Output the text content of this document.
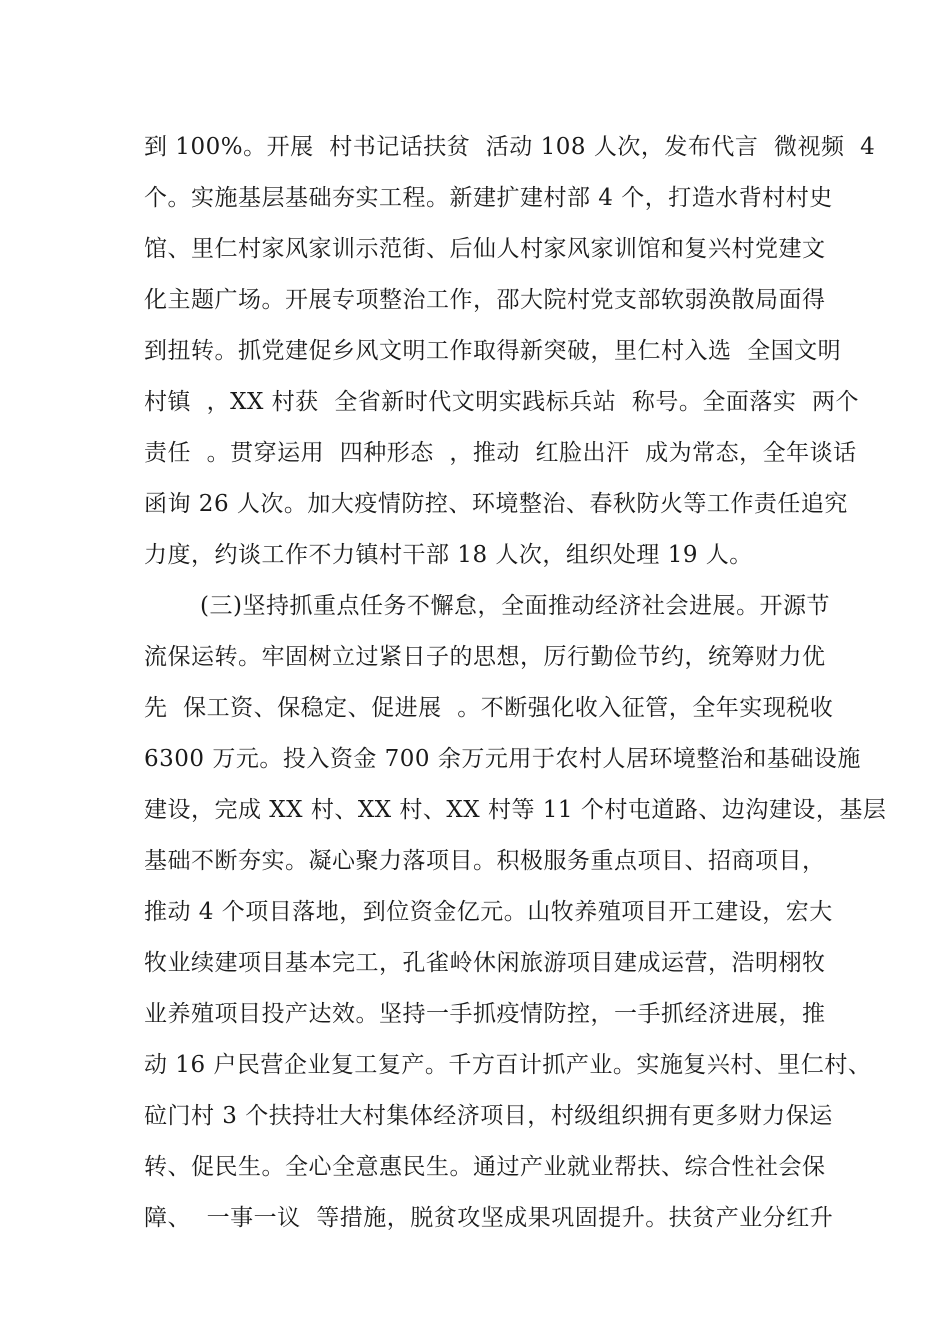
到 100%。开展  村书记话扶贫  活动 108 人次，发布代言  微视频  4
个。实施基层基础夯实工程。新建扩建村部 4 个，打造水背村村史
馆、里仁村家风家训示范街、后仙人村家风家训馆和复兴村党建文
化主题广场。开展专项整治工作，邵大院村党支部软弱涣散局面得
到扭转。抓党建促乡风文明工作取得新突破，里仁村入选  全国文明
村镇  ，XX 村获  全省新时代文明实践标兵站  称号。全面落实  两个
责任  。贯穿运用  四种形态  ，推动  红脸出汗  成为常态，全年谈话
函询 26 人次。加大疫情防控、环境整治、春秋防火等工作责任追究
力度，约谈工作不力镇村干部 18 人次，组织处理 19 人。
(三)坚持抓重点任务不懈怠，全面推动经济社会进展。开源节
流保运转。牢固树立过紧日子的思想，厉行勤俭节约，统筹财力优
先  保工资、保稳定、促进展  。不断强化收入征管，全年实现税收
6300 万元。投入资金 700 余万元用于农村人居环境整治和基础设施
建设，完成 XX 村、XX 村、XX 村等 11 个村屯道路、边沟建设，基层
基础不断夯实。凝心聚力落项目。积极服务重点项目、招商项目，
推动 4 个项目落地，到位资金亿元。山牧养殖项目开工建设，宏大
牧业续建项目基本完工，孔雀岭休闲旅游项目建成运营，浩明栩牧
业养殖项目投产达效。坚持一手抓疫情防控，一手抓经济进展，推
动 16 户民营企业复工复产。千方百计抓产业。实施复兴村、里仁村、
砬门村 3 个扶持壮大村集体经济项目，村级组织拥有更多财力保运
转、促民生。全心全意惠民生。通过产业就业帮扶、综合性社会保
障、  一事一议  等措施，脱贫攻坚成果巩固提升。扶贫产业分红升
